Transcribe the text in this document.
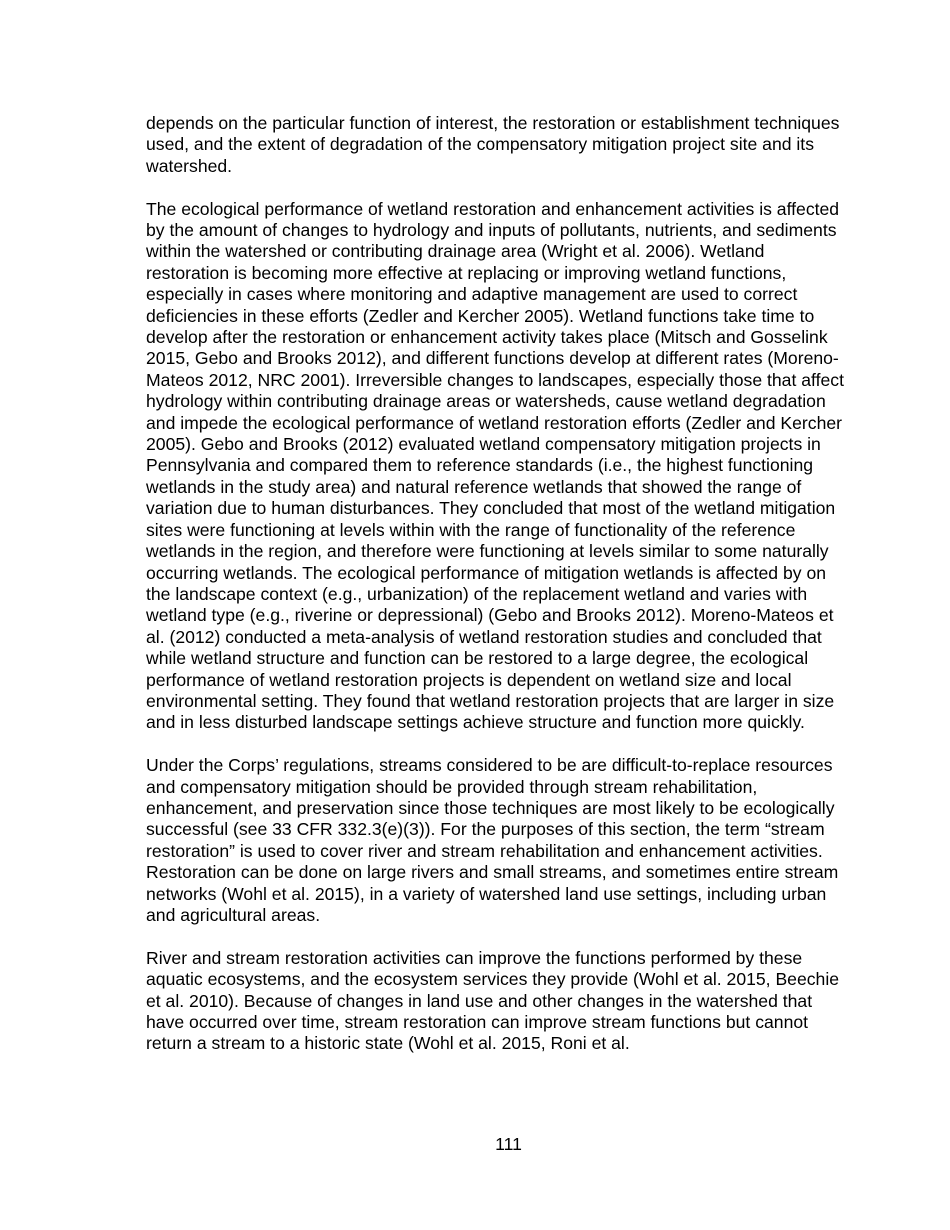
depends on the particular function of interest, the restoration or establishment techniques used, and the extent of degradation of the compensatory mitigation project site and its watershed.

The ecological performance of wetland restoration and enhancement activities is affected by the amount of changes to hydrology and inputs of pollutants, nutrients, and sediments within the watershed or contributing drainage area (Wright et al. 2006). Wetland restoration is becoming more effective at replacing or improving wetland functions, especially in cases where monitoring and adaptive management are used to correct deficiencies in these efforts (Zedler and Kercher 2005). Wetland functions take time to develop after the restoration or enhancement activity takes place (Mitsch and Gosselink 2015, Gebo and Brooks 2012), and different functions develop at different rates (Moreno-Mateos 2012, NRC 2001). Irreversible changes to landscapes, especially those that affect hydrology within contributing drainage areas or watersheds, cause wetland degradation and impede the ecological performance of wetland restoration efforts (Zedler and Kercher 2005). Gebo and Brooks (2012) evaluated wetland compensatory mitigation projects in Pennsylvania and compared them to reference standards (i.e., the highest functioning wetlands in the study area) and natural reference wetlands that showed the range of variation due to human disturbances. They concluded that most of the wetland mitigation sites were functioning at levels within with the range of functionality of the reference wetlands in the region, and therefore were functioning at levels similar to some naturally occurring wetlands. The ecological performance of mitigation wetlands is affected by on the landscape context (e.g., urbanization) of the replacement wetland and varies with wetland type (e.g., riverine or depressional) (Gebo and Brooks 2012). Moreno-Mateos et al. (2012) conducted a meta-analysis of wetland restoration studies and concluded that while wetland structure and function can be restored to a large degree, the ecological performance of wetland restoration projects is dependent on wetland size and local environmental setting. They found that wetland restoration projects that are larger in size and in less disturbed landscape settings achieve structure and function more quickly.

Under the Corps’ regulations, streams considered to be are difficult-to-replace resources and compensatory mitigation should be provided through stream rehabilitation, enhancement, and preservation since those techniques are most likely to be ecologically successful (see 33 CFR 332.3(e)(3)). For the purposes of this section, the term “stream restoration” is used to cover river and stream rehabilitation and enhancement activities. Restoration can be done on large rivers and small streams, and sometimes entire stream networks (Wohl et al. 2015), in a variety of watershed land use settings, including urban and agricultural areas.

River and stream restoration activities can improve the functions performed by these aquatic ecosystems, and the ecosystem services they provide (Wohl et al. 2015, Beechie et al. 2010). Because of changes in land use and other changes in the watershed that have occurred over time, stream restoration can improve stream functions but cannot return a stream to a historic state (Wohl et al. 2015, Roni et al.

111
